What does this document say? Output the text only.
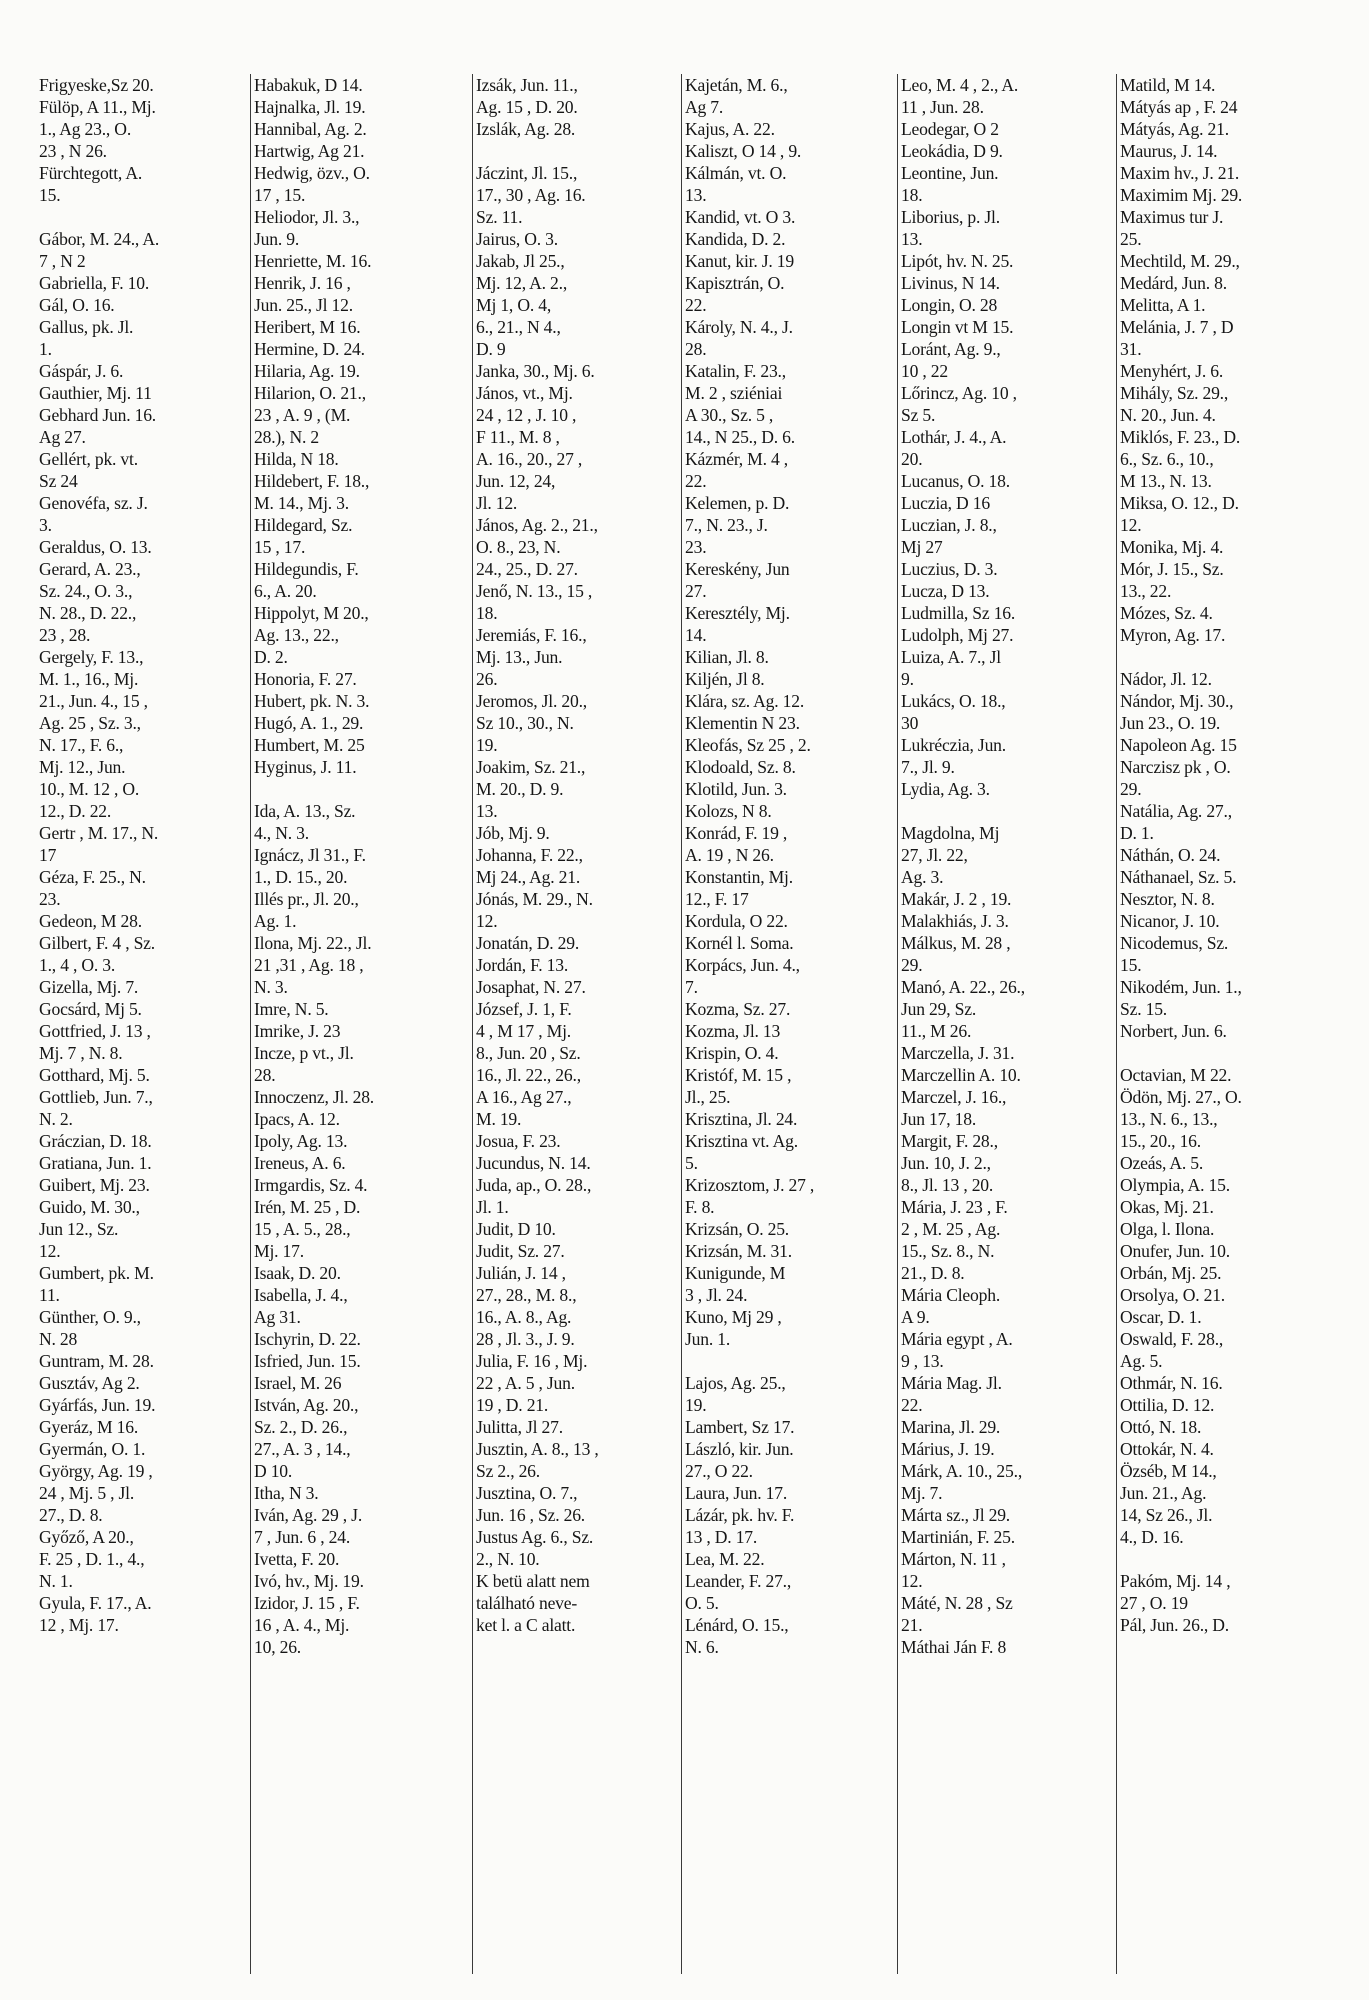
Frigyeske,Sz 20.

Fülöp, A 11., Mj.

1., Ag 23., O.

23 , N 26.

Fürchtegott, A.

15.

Gábor, M. 24., A.

7 , N 2

Gabriella, F. 10.

Gál, O. 16.

Gallus, pk. Jl.

1.

Gáspár, J. 6.

Gauthier, Mj. 11

Gebhard Jun. 16.

Ag 27.

Gellért, pk. vt.

Sz 24

Genovéfa, sz. J.

3.

Geraldus, O. 13.

Gerard, A. 23.,

Sz. 24., O. 3.,

N. 28., D. 22.,

23 , 28.

Gergely, F. 13.,

M. 1., 16., Mj.

21., Jun. 4., 15 ,

Ag. 25 , Sz. 3.,

N. 17., F. 6.,

Mj. 12., Jun.

10., M. 12 , O.

12., D. 22.

Gertr , M. 17., N.

17

Géza, F. 25., N.

23.

Gedeon, M 28.

Gilbert, F. 4 , Sz.

1., 4 , O. 3.

Gizella, Mj. 7.

Gocsárd, Mj 5.

Gottfried, J. 13 ,

Mj. 7 , N. 8.

Gotthard, Mj. 5.

Gottlieb, Jun. 7.,

N. 2.

Gráczian, D. 18.

Gratiana, Jun. 1.

Guibert, Mj. 23.

Guido, M. 30.,

Jun 12., Sz.

12.

Gumbert, pk. M.

11.

Günther, O. 9.,

N. 28

Guntram, M. 28.

Gusztáv, Ag 2.

Gyárfás, Jun. 19.

Gyeráz, M 16.

Gyermán, O. 1.

György, Ag. 19 ,

24 , Mj. 5 , Jl.

27., D. 8.

Győző, A 20.,

F. 25 , D. 1., 4.,

N. 1.

Gyula, F. 17., A.

12 , Mj. 17.

Habakuk, D 14.

Hajnalka, Jl. 19.

Hannibal, Ag. 2.

Hartwig, Ag 21.

Hedwig, özv., O.

17 , 15.

Heliodor, Jl. 3.,

Jun. 9.

Henriette, M. 16.

Henrik, J. 16 ,

Jun. 25., Jl 12.

Heribert, M 16.

Hermine, D. 24.

Hilaria, Ag. 19.

Hilarion, O. 21.,

23 , A. 9 , (M.

28.), N. 2

Hilda, N 18.

Hildebert, F. 18.,

M. 14., Mj. 3.

Hildegard, Sz.

15 , 17.

Hildegundis, F.

6., A. 20.

Hippolyt, M 20.,

Ag. 13., 22.,

D. 2.

Honoria, F. 27.

Hubert, pk. N. 3.

Hugó, A. 1., 29.

Humbert, M. 25

Hyginus, J. 11.

Ida, A. 13., Sz.

4., N. 3.

Ignácz, Jl 31., F.

1., D. 15., 20.

Illés pr., Jl. 20.,

Ag. 1.

Ilona, Mj. 22., Jl.

21 ,31 , Ag. 18 ,

N. 3.

Imre, N. 5.

Imrike, J. 23

Incze, p vt., Jl.

28.

Innoczenz, Jl. 28.

Ipacs, A. 12.

Ipoly, Ag. 13.

Ireneus, A. 6.

Irmgardis, Sz. 4.

Irén, M. 25 , D.

15 , A. 5., 28.,

Mj. 17.

Isaak, D. 20.

Isabella, J. 4.,

Ag 31.

Ischyrin, D. 22.

Isfried, Jun. 15.

Israel, M. 26

István, Ag. 20.,

Sz. 2., D. 26.,

27., A. 3 , 14.,

D 10.

Itha, N 3.

Iván, Ag. 29 , J.

7 , Jun. 6 , 24.

Ivetta, F. 20.

Ivó, hv., Mj. 19.

Izidor, J. 15 , F.

16 , A. 4., Mj.

10, 26.

Izsák, Jun. 11.,

Ag. 15 , D. 20.

Izslák, Ag. 28.

Jáczint, Jl. 15.,

17., 30 , Ag. 16.

Sz. 11.

Jairus, O. 3.

Jakab, Jl 25.,

Mj. 12, A. 2.,

Mj 1, O. 4,

6., 21., N 4.,

D. 9

Janka, 30., Mj. 6.

János, vt., Mj.

24 , 12 , J. 10 ,

F 11., M. 8 ,

A. 16., 20., 27 ,

Jun. 12, 24,

Jl. 12.

János, Ag. 2., 21.,

O. 8., 23, N.

24., 25., D. 27.

Jenő, N. 13., 15 ,

18.

Jeremiás, F. 16.,

Mj. 13., Jun.

26.

Jeromos, Jl. 20.,

Sz 10., 30., N.

19.

Joakim, Sz. 21.,

M. 20., D. 9.

13.

Jób, Mj. 9.

Johanna, F. 22.,

Mj 24., Ag. 21.

Jónás, M. 29., N.

12.

Jonatán, D. 29.

Jordán, F. 13.

Josaphat, N. 27.

József, J. 1, F.

4 , M 17 , Mj.

8., Jun. 20 , Sz.

16., Jl. 22., 26.,

A 16., Ag 27.,

M. 19.

Josua, F. 23.

Jucundus, N. 14.

Juda, ap., O. 28.,

Jl. 1.

Judit, D 10.

Judit, Sz. 27.

Julián, J. 14 ,

27., 28., M. 8.,

16., A. 8., Ag.

28 , Jl. 3., J. 9.

Julia, F. 16 , Mj.

22 , A. 5 , Jun.

19 , D. 21.

Julitta, Jl 27.

Jusztin, A. 8., 13 ,

Sz 2., 26.

Jusztina, O. 7.,

Jun. 16 , Sz. 26.

Justus Ag. 6., Sz.

2., N. 10.

K betü alatt nem

található neve-

ket l. a C alatt.

Kajetán, M. 6.,

Ag 7.

Kajus, A. 22.

Kaliszt, O 14 , 9.

Kálmán, vt. O.

13.

Kandid, vt. O 3.

Kandida, D. 2.

Kanut, kir. J. 19

Kapisztrán, O.

22.

Károly, N. 4., J.

28.

Katalin, F. 23.,

M. 2 , sziéniai

A 30., Sz. 5 ,

14., N 25., D. 6.

Kázmér, M. 4 ,

22.

Kelemen, p. D.

7., N. 23., J.

23.

Kereskény, Jun

27.

Keresztély, Mj.

14.

Kilian, Jl. 8.

Kiljén, Jl 8.

Klára, sz. Ag. 12.

Klementin N 23.

Kleofás, Sz 25 , 2.

Klodoald, Sz. 8.

Klotild, Jun. 3.

Kolozs, N 8.

Konrád, F. 19 ,

A. 19 , N 26.

Konstantin, Mj.

12., F. 17

Kordula, O 22.

Kornél l. Soma.

Korpács, Jun. 4.,

7.

Kozma, Sz. 27.

Kozma, Jl. 13

Krispin, O. 4.

Kristóf, M. 15 ,

Jl., 25.

Krisztina, Jl. 24.

Krisztina vt. Ag.

5.

Krizosztom, J. 27 ,

F. 8.

Krizsán, O. 25.

Krizsán, M. 31.

Kunigunde, M

3 , Jl. 24.

Kuno, Mj 29 ,

Jun. 1.

Lajos, Ag. 25.,

19.

Lambert, Sz 17.

László, kir. Jun.

27., O 22.

Laura, Jun. 17.

Lázár, pk. hv. F.

13 , D. 17.

Lea, M. 22.

Leander, F. 27.,

O. 5.

Lénárd, O. 15.,

N. 6.

Leo, M. 4 , 2., A.

11 , Jun. 28.

Leodegar, O 2

Leokádia, D 9.

Leontine, Jun.

18.

Liborius, p. Jl.

13.

Lipót, hv. N. 25.

Livinus, N 14.

Longin, O. 28

Longin vt M 15.

Loránt, Ag. 9.,

10 , 22

Lőrincz, Ag. 10 ,

Sz 5.

Lothár, J. 4., A.

20.

Lucanus, O. 18.

Luczia, D 16

Luczian, J. 8.,

Mj 27

Luczius, D. 3.

Lucza, D 13.

Ludmilla, Sz 16.

Ludolph, Mj 27.

Luiza, A. 7., Jl

9.

Lukács, O. 18.,

30

Lukréczia, Jun.

7., Jl. 9.

Lydia, Ag. 3.

Magdolna, Mj

27, Jl. 22,

Ag. 3.

Makár, J. 2 , 19.

Malakhiás, J. 3.

Málkus, M. 28 ,

29.

Manó, A. 22., 26.,

Jun 29, Sz.

11., M 26.

Marczella, J. 31.

Marczellin A. 10.

Marczel, J. 16.,

Jun 17, 18.

Margit, F. 28.,

Jun. 10, J. 2.,

8., Jl. 13 , 20.

Mária, J. 23 , F.

2 , M. 25 , Ag.

15., Sz. 8., N.

21., D. 8.

Mária Cleoph.

A 9.

Mária egypt , A.

9 , 13.

Mária Mag. Jl.

22.

Marina, Jl. 29.

Márius, J. 19.

Márk, A. 10., 25.,

Mj. 7.

Márta sz., Jl 29.

Martinián, F. 25.

Márton, N. 11 ,

12.

Máté, N. 28 , Sz

21.

Máthai Ján F. 8

Matild, M 14.

Mátyás ap , F. 24

Mátyás, Ag. 21.

Maurus, J. 14.

Maxim hv., J. 21.

Maximim Mj. 29.

Maximus tur J.

25.

Mechtild, M. 29.,

Medárd, Jun. 8.

Melitta, A 1.

Melánia, J. 7 , D

31.

Menyhért, J. 6.

Mihály, Sz. 29.,

N. 20., Jun. 4.

Miklós, F. 23., D.

6., Sz. 6., 10.,

M 13., N. 13.

Miksa, O. 12., D.

12.

Monika, Mj. 4.

Mór, J. 15., Sz.

13., 22.

Mózes, Sz. 4.

Myron, Ag. 17.

Nádor, Jl. 12.

Nándor, Mj. 30.,

Jun 23., O. 19.

Napoleon Ag. 15

Narczisz pk , O.

29.

Natália, Ag. 27.,

D. 1.

Náthán, O. 24.

Náthanael, Sz. 5.

Nesztor, N. 8.

Nicanor, J. 10.

Nicodemus, Sz.

15.

Nikodém, Jun. 1.,

Sz. 15.

Norbert, Jun. 6.

Octavian, M 22.

Ödön, Mj. 27., O.

13., N. 6., 13.,

15., 20., 16.

Ozeás, A. 5.

Olympia, A. 15.

Okas, Mj. 21.

Olga, l. Ilona.

Onufer, Jun. 10.

Orbán, Mj. 25.

Orsolya, O. 21.

Oscar, D. 1.

Oswald, F. 28.,

Ag. 5.

Othmár, N. 16.

Ottilia, D. 12.

Ottó, N. 18.

Ottokár, N. 4.

Özséb, M 14.,

Jun. 21., Ag.

14, Sz 26., Jl.

4., D. 16.

Pakóm, Mj. 14 ,

27 , O. 19

Pál, Jun. 26., D.
